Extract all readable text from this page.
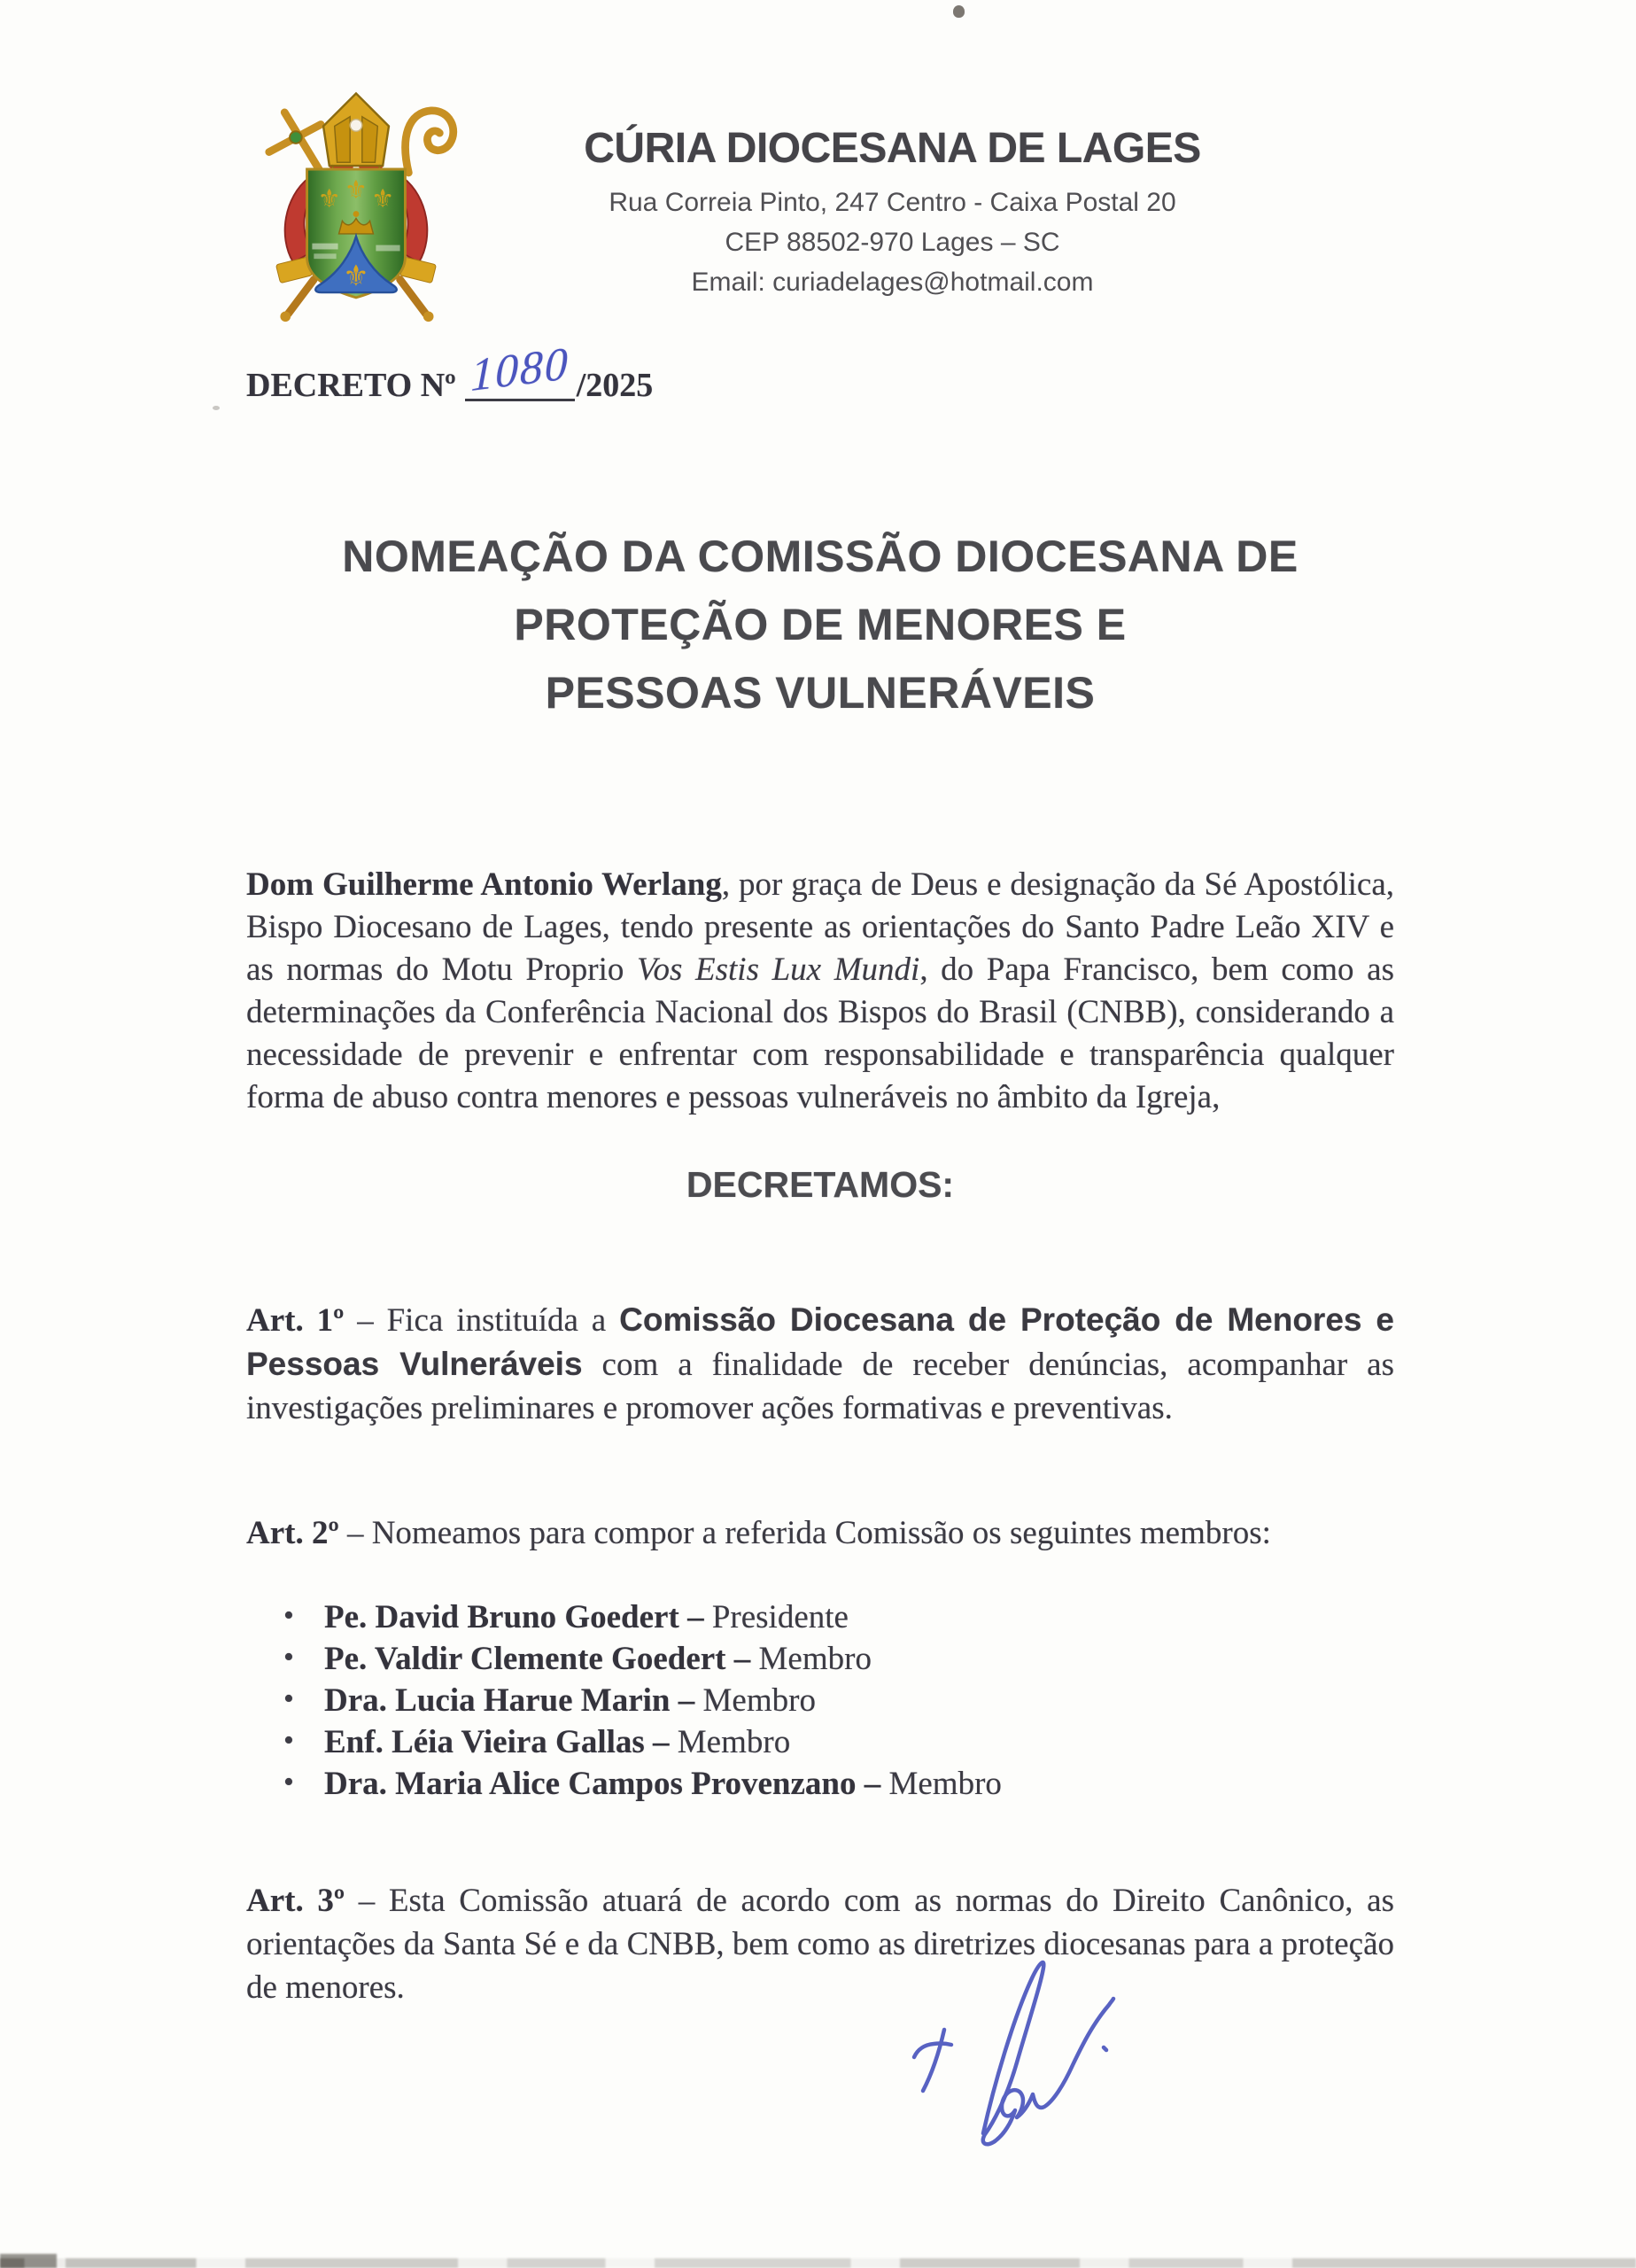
⚜ ⚜ ⚜
⚜
CÚRIA DIOCESANA DE LAGES
Rua Correia Pinto, 247 Centro - Caixa Postal 20
CEP 88502-970 Lages – SC
Email: curiadelages@hotmail.com
DECRETO Nº 1080 /2025
NOMEAÇÃO DA COMISSÃO DIOCESANA DE
PROTEÇÃO DE MENORES E
PESSOAS VULNERÁVEIS

Dom Guilherme Antonio Werlang, por graça de Deus e designação da Sé Apostólica, Bispo Diocesano de Lages, tendo presente as orientações do Santo Padre Leão XIV e as normas do Motu Proprio Vos Estis Lux Mundi, do Papa Francisco, bem como as determinações da Conferência Nacional dos Bispos do Brasil (CNBB), considerando a necessidade de prevenir e enfrentar com responsabilidade e transparência qualquer forma de abuso contra menores e pessoas vulneráveis no âmbito da Igreja,

DECRETAMOS:

Art. 1º – Fica instituída a Comissão Diocesana de Proteção de Menores e Pessoas Vulneráveis com a finalidade de receber denúncias, acompanhar as investigações preliminares e promover ações formativas e preventivas.

Art. 2º – Nomeamos para compor a referida Comissão os seguintes membros:

• Pe. David Bruno Goedert – Presidente
• Pe. Valdir Clemente Goedert – Membro
• Dra. Lucia Harue Marin – Membro
• Enf. Léia Vieira Gallas – Membro
• Dra. Maria Alice Campos Provenzano – Membro

Art. 3º – Esta Comissão atuará de acordo com as normas do Direito Canônico, as orientações da Santa Sé e da CNBB, bem como as diretrizes diocesanas para a proteção de menores.
